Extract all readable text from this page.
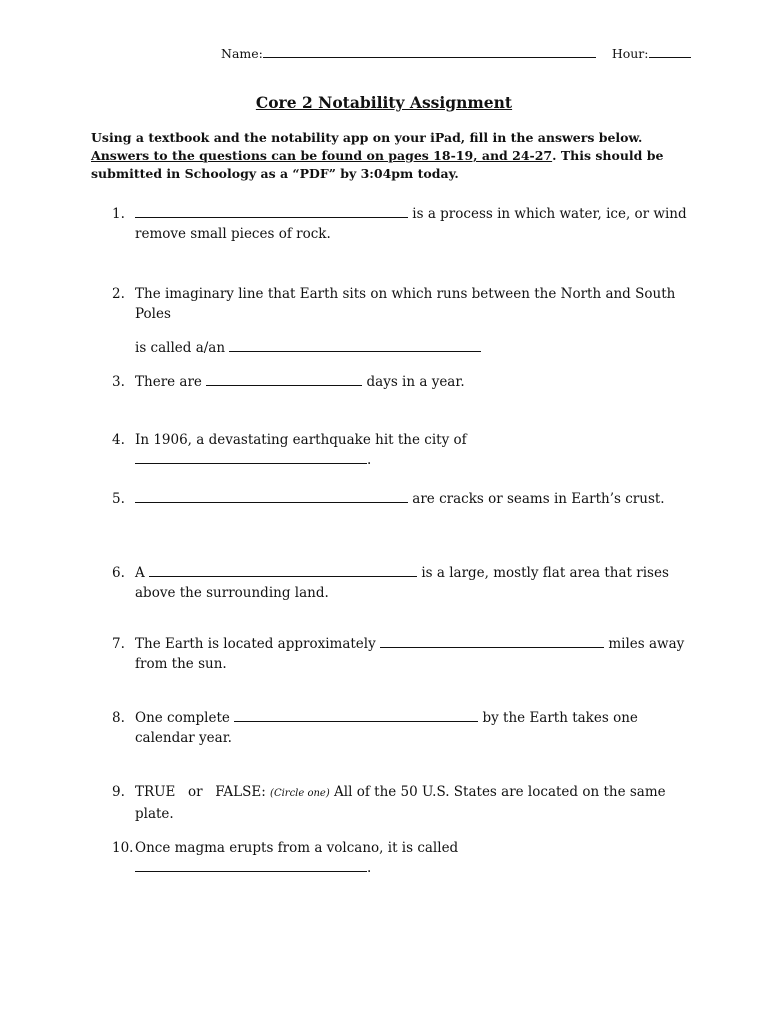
Name:	Hour:
Core 2 Notability Assignment
Using a textbook and the notability app on your iPad, fill in the answers below. Answers to the questions can be found on pages 18-19, and 24-27. This should be submitted in Schoology as a “PDF” by 3:04pm today.
1.	is a process in which water, ice, or wind remove small pieces of rock.
2. The imaginary line that Earth sits on which runs between the North and South Poles
is called a/an
3. There are	days in a year.
4. In 1906, a devastating earthquake hit the city of .
5.	are cracks or seams in Earth’s crust.
6. A	is a large, mostly flat area that rises above the surrounding land.
7. The Earth is located approximately	miles away from the sun.
8. One complete	by the Earth takes one calendar year.
9. TRUE or FALSE: (Circle one) All of the 50 U.S. States are located on the same plate.
10. Once magma erupts from a volcano, it is called .
